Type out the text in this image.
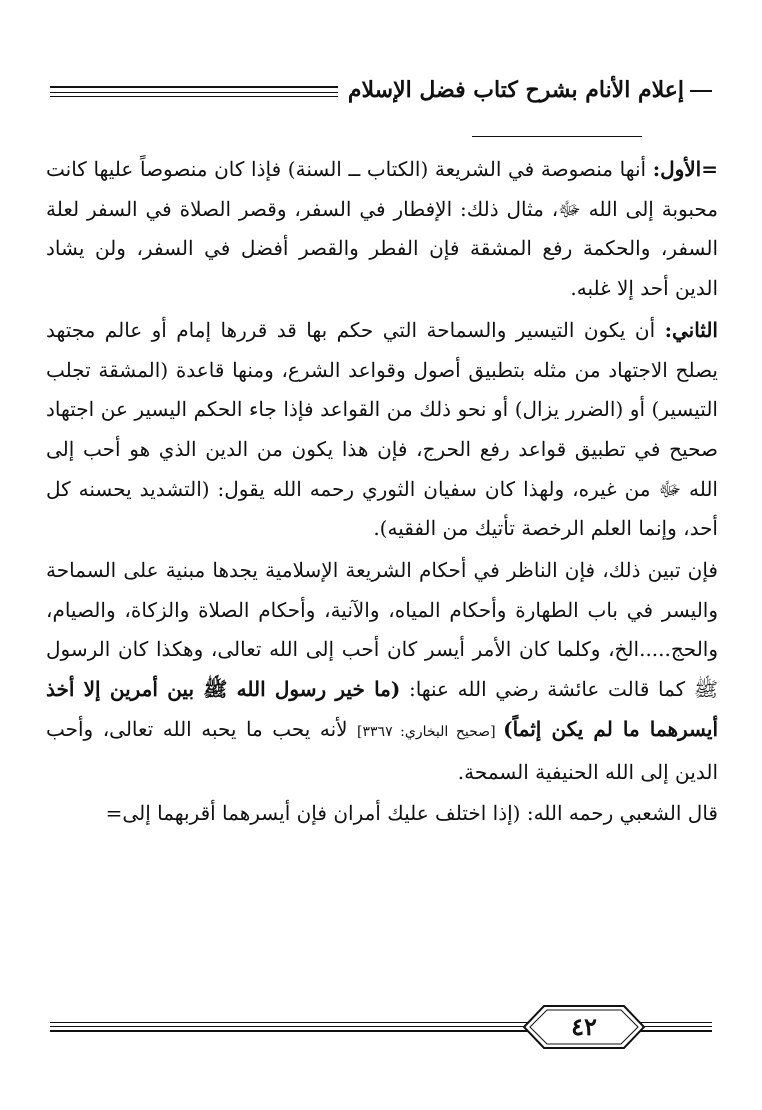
إعلام الأنام بشرح كتاب فضل الإسلام

=الأول: أنها منصوصة في الشريعة (الكتاب ــ السنة) فإذا كان منصوصاً عليها كانت محبوبة إلى الله ﷻ، مثال ذلك: الإفطار في السفر، وقصر الصلاة في السفر لعلة السفر، والحكمة رفع المشقة فإن الفطر والقصر أفضل في السفر، ولن يشاد الدين أحد إلا غلبه.

الثاني: أن يكون التيسير والسماحة التي حكم بها قد قررها إمام أو عالم مجتهد يصلح الاجتهاد من مثله بتطبيق أصول وقواعد الشرع، ومنها قاعدة (المشقة تجلب التيسير) أو (الضرر يزال) أو نحو ذلك من القواعد فإذا جاء الحكم اليسير عن اجتهاد صحيح في تطبيق قواعد رفع الحرج، فإن هذا يكون من الدين الذي هو أحب إلى الله ﷻ من غيره، ولهذا كان سفيان الثوري رحمه الله يقول: (التشديد يحسنه كل أحد، وإنما العلم الرخصة تأتيك من الفقيه).

فإن تبين ذلك، فإن الناظر في أحكام الشريعة الإسلامية يجدها مبنية على السماحة واليسر في باب الطهارة وأحكام المياه، والآنية، وأحكام الصلاة والزكاة، والصيام، والحج.....الخ، وكلما كان الأمر أيسر كان أحب إلى الله تعالى، وهكذا كان الرسول ﷺ كما قالت عائشة رضي الله عنها: (ما خير رسول الله ﷺ بين أمرين إلا أخذ أيسرهما ما لم يكن إثماً) [صحيح البخاري: ٣٣٦٧] لأنه يحب ما يحبه الله تعالى، وأحب الدين إلى الله الحنيفية السمحة.

قال الشعبي رحمه الله: (إذا اختلف عليك أمران فإن أيسرهما أقربهما إلى=

٤٢
